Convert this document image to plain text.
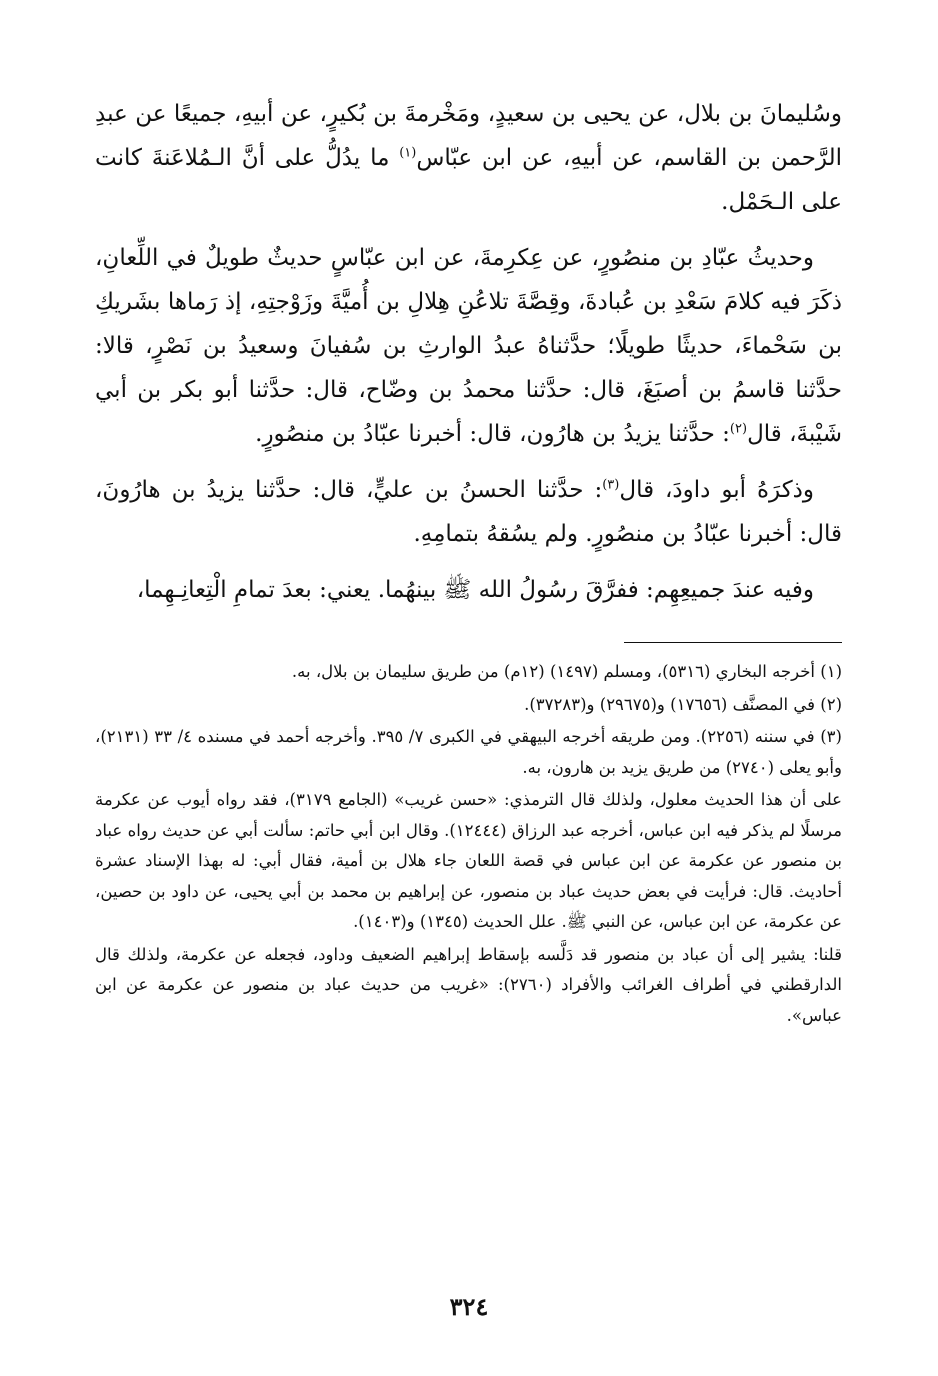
وسُليمانَ بن بلال، عن يحيى بن سعيدٍ، ومَخْرمةَ بن بُكيرٍ، عن أبيهِ، جميعًا عن عبدِ الرَّحمن بن القاسم، عن أبيهِ، عن ابن عبّاس$^{(١)}$ ما يدُلُّ على أنَّ الـمُلاعَنةَ كانت على الـحَمْل.

وحديثُ عبّادِ بن منصُورٍ، عن عِكرِمةَ، عن ابن عبّاسٍ حديثٌ طويلٌ في اللِّعانِ، ذكَرَ فيه كلامَ سَعْدِ بن عُبادةَ، وقِصَّةَ تلاعُنِ هِلالِ بن أُميَّةَ وزَوْجتِهِ، إذ رَماها بشَريكِ بن سَحْماءَ، حديثًا طويلًا؛ حدَّثناهُ عبدُ الوارثِ بن سُفيانَ وسعيدُ بن نَصْرٍ، قالا: حدَّثنا قاسمُ بن أصبَغَ، قال: حدَّثنا محمدُ بن وضّاح، قال: حدَّثنا أبو بكر بن أبي شَيْبةَ، قال$^{(٢)}$: حدَّثنا يزيدُ بن هارُون، قال: أخبرنا عبّادُ بن منصُورٍ.

وذكرَهُ أبو داودَ، قال$^{(٣)}$: حدَّثنا الحسنُ بن عليٍّ، قال: حدَّثنا يزيدُ بن هارُونَ، قال: أخبرنا عبّادُ بن منصُورٍ. ولم يسُقهُ بتمامِهِ.

وفيه عندَ جميعِهِم: ففرَّقَ رسُولُ الله ﷺ بينهُما. يعني: بعدَ تمامِ الْتِعانِـهِما،

(١) أخرجه البخاري (٥٣١٦)، ومسلم (١٤٩٧) (١٢م) من طريق سليمان بن بلال، به.

(٢) في المصنَّف (١٧٦٥٦) و(٢٩٦٧٥) و(٣٧٢٨٣).

(٣) في سننه (٢٢٥٦). ومن طريقه أخرجه البيهقي في الكبرى ٧/ ٣٩٥. وأخرجه أحمد في مسنده ٤/ ٣٣ (٢١٣١)، وأبو يعلى (٢٧٤٠) من طريق يزيد بن هارون، به.

على أن هذا الحديث معلول، ولذلك قال الترمذي: «حسن غريب» (الجامع ٣١٧٩)، فقد رواه أيوب عن عكرمة مرسلًا لم يذكر فيه ابن عباس، أخرجه عبد الرزاق (١٢٤٤٤). وقال ابن أبي حاتم: سألت أبي عن حديث رواه عباد بن منصور عن عكرمة عن ابن عباس في قصة اللعان جاء هلال بن أمية، فقال أبي: له بهذا الإسناد عشرة أحاديث. قال: فرأيت في بعض حديث عباد بن منصور، عن إبراهيم بن محمد بن أبي يحيى، عن داود بن حصين، عن عكرمة، عن ابن عباس، عن النبي ﷺ. علل الحديث (١٣٤٥) و(١٤٠٣).

قلنا: يشير إلى أن عباد بن منصور قد دَلَّسه بإسقاط إبراهيم الضعيف وداود، فجعله عن عكرمة، ولذلك قال الدارقطني في أطراف الغرائب والأفراد (٢٧٦٠): «غريب من حديث عباد بن منصور عن عكرمة عن ابن عباس».

٣٢٤
